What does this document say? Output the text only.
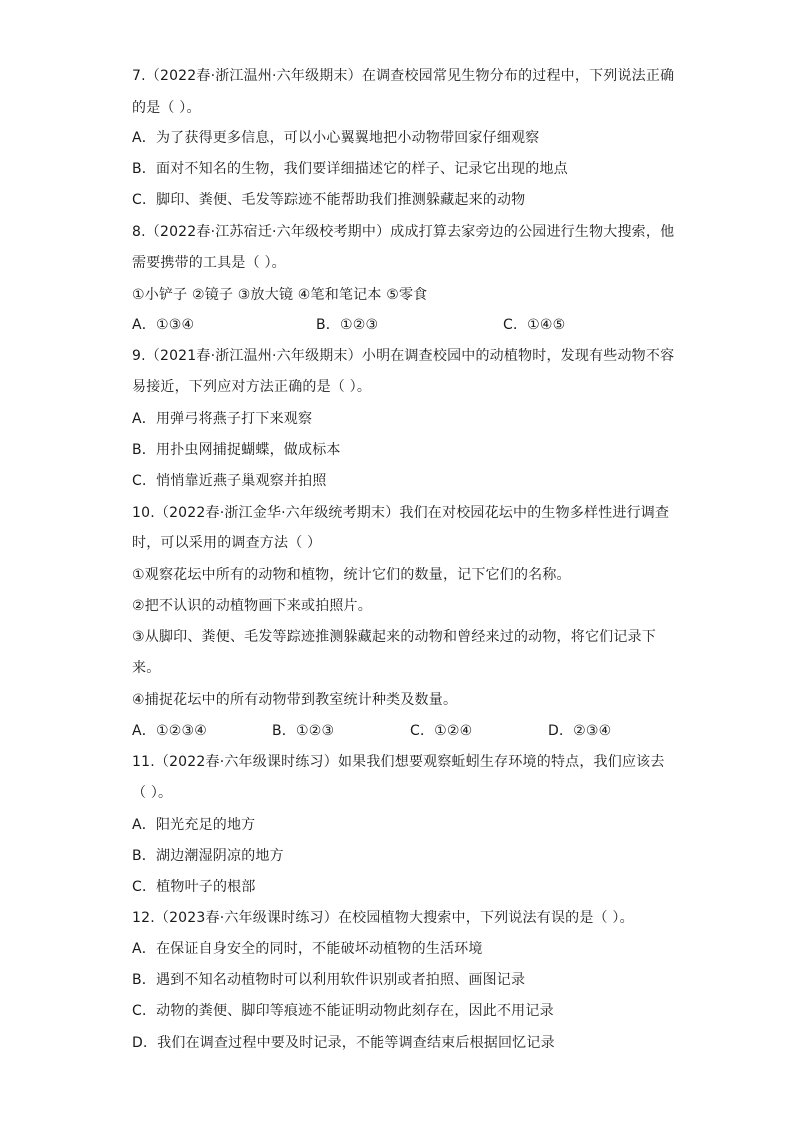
7.（2022春·浙江温州·六年级期末）在调查校园常见生物分布的过程中，下列说法正确
的是（ ）。
A．为了获得更多信息，可以小心翼翼地把小动物带回家仔细观察
B．面对不知名的生物，我们要详细描述它的样子、记录它出现的地点
C．脚印、粪便、毛发等踪迹不能帮助我们推测躲藏起来的动物
8.（2022春·江苏宿迁·六年级校考期中）成成打算去家旁边的公园进行生物大搜索，他
需要携带的工具是（ ）。
①小铲子 ②镜子 ③放大镜 ④笔和笔记本 ⑤零食
A．①③④	B．①②③	C．①④⑤
9.（2021春·浙江温州·六年级期末）小明在调查校园中的动植物时，发现有些动物不容
易接近，下列应对方法正确的是（ ）。
A．用弹弓将燕子打下来观察
B．用扑虫网捕捉蝴蝶，做成标本
C．悄悄靠近燕子巢观察并拍照
10.（2022春·浙江金华·六年级统考期末）我们在对校园花坛中的生物多样性进行调查
时，可以采用的调查方法（ ）
①观察花坛中所有的动物和植物，统计它们的数量，记下它们的名称。
②把不认识的动植物画下来或拍照片。
③从脚印、粪便、毛发等踪迹推测躲藏起来的动物和曾经来过的动物，将它们记录下
来。
④捕捉花坛中的所有动物带到教室统计种类及数量。
A．①②③④	B．①②③	C．①②④	D．②③④
11.（2022春·六年级课时练习）如果我们想要观察蚯蚓生存环境的特点，我们应该去
（ ）。
A．阳光充足的地方
B．湖边潮湿阴凉的地方
C．植物叶子的根部
12.（2023春·六年级课时练习）在校园植物大搜索中，下列说法有误的是（ ）。
A．在保证自身安全的同时，不能破坏动植物的生活环境
B．遇到不知名动植物时可以利用软件识别或者拍照、画图记录
C．动物的粪便、脚印等痕迹不能证明动物此刻存在，因此不用记录
D．我们在调查过程中要及时记录，不能等调查结束后根据回忆记录
